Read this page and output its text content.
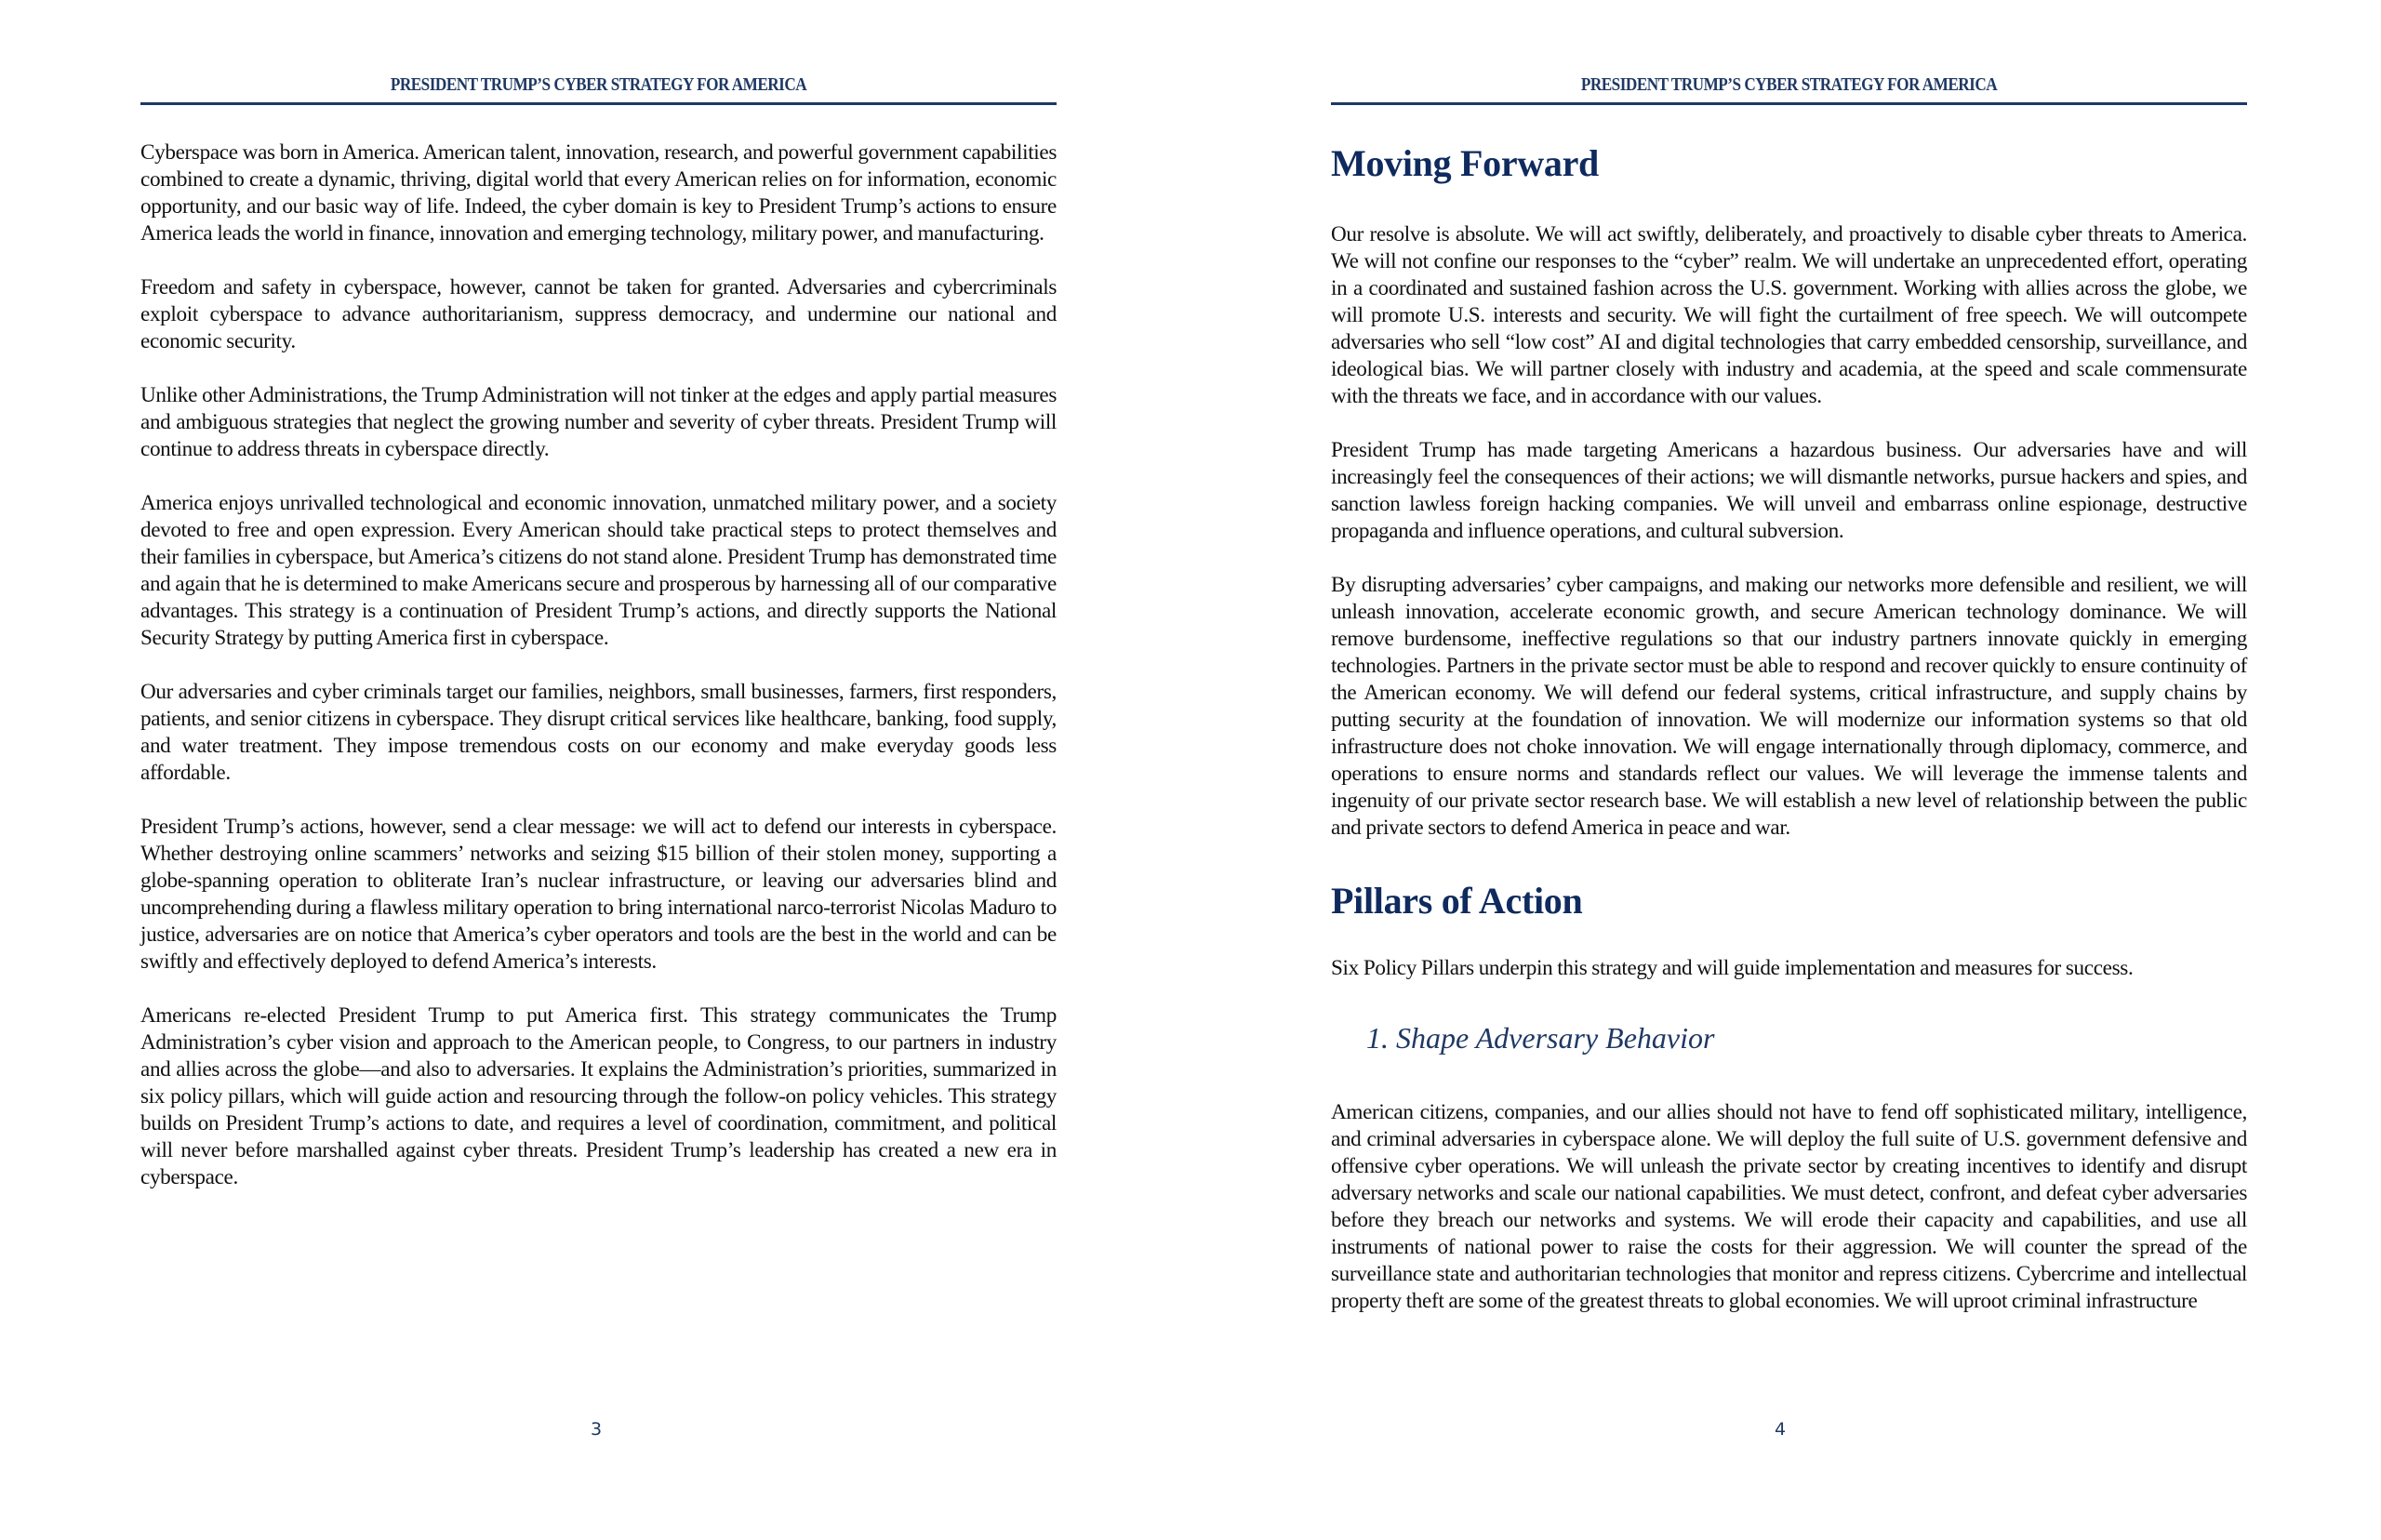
PRESIDENT TRUMP’S CYBER STRATEGY FOR AMERICA

Cyberspace was born in America. American talent, innovation, research, and powerful government capabilities combined to create a dynamic, thriving, digital world that every American relies on for information, economic opportunity, and our basic way of life. Indeed, the cyber domain is key to President Trump’s actions to ensure America leads the world in finance, innovation and emerging technology, military power, and manufacturing.

Freedom and safety in cyberspace, however, cannot be taken for granted. Adversaries and cybercriminals exploit cyberspace to advance authoritarianism, suppress democracy, and undermine our national and economic security.

Unlike other Administrations, the Trump Administration will not tinker at the edges and apply partial measures and ambiguous strategies that neglect the growing number and severity of cyber threats. President Trump will continue to address threats in cyberspace directly.

America enjoys unrivalled technological and economic innovation, unmatched military power, and a society devoted to free and open expression. Every American should take practical steps to protect themselves and their families in cyberspace, but America’s citizens do not stand alone. President Trump has demonstrated time and again that he is determined to make Americans secure and prosperous by harnessing all of our comparative advantages. This strategy is a continuation of President Trump’s actions, and directly supports the National Security Strategy by putting America first in cyberspace.

Our adversaries and cyber criminals target our families, neighbors, small businesses, farmers, first responders, patients, and senior citizens in cyberspace. They disrupt critical services like healthcare, banking, food supply, and water treatment. They impose tremendous costs on our economy and make everyday goods less affordable.

President Trump’s actions, however, send a clear message: we will act to defend our interests in cyberspace. Whether destroying online scammers’ networks and seizing $15 billion of their stolen money, supporting a globe-spanning operation to obliterate Iran’s nuclear infrastructure, or leaving our adversaries blind and uncomprehending during a flawless military operation to bring international narco-terrorist Nicolas Maduro to justice, adversaries are on notice that America’s cyber operators and tools are the best in the world and can be swiftly and effectively deployed to defend America’s interests.

Americans re-elected President Trump to put America first. This strategy communicates the Trump Administration’s cyber vision and approach to the American people, to Congress, to our partners in industry and allies across the globe—and also to adversaries. It explains the Administration’s priorities, summarized in six policy pillars, which will guide action and resourcing through the follow-on policy vehicles. This strategy builds on President Trump’s actions to date, and requires a level of coordination, commitment, and political will never before marshalled against cyber threats. President Trump’s leadership has created a new era in cyberspace.

3
PRESIDENT TRUMP’S CYBER STRATEGY FOR AMERICA
Moving Forward

Our resolve is absolute. We will act swiftly, deliberately, and proactively to disable cyber threats to America. We will not confine our responses to the “cyber” realm. We will undertake an unprecedented effort, operating in a coordinated and sustained fashion across the U.S. government. Working with allies across the globe, we will promote U.S. interests and security. We will fight the curtailment of free speech. We will outcompete adversaries who sell “low cost” AI and digital technologies that carry embedded censorship, surveillance, and ideological bias. We will partner closely with industry and academia, at the speed and scale commensurate with the threats we face, and in accordance with our values.

President Trump has made targeting Americans a hazardous business. Our adversaries have and will increasingly feel the consequences of their actions; we will dismantle networks, pursue hackers and spies, and sanction lawless foreign hacking companies. We will unveil and embarrass online espionage, destructive propaganda and influence operations, and cultural subversion.

By disrupting adversaries’ cyber campaigns, and making our networks more defensible and resilient, we will unleash innovation, accelerate economic growth, and secure American technology dominance. We will remove burdensome, ineffective regulations so that our industry partners innovate quickly in emerging technologies. Partners in the private sector must be able to respond and recover quickly to ensure continuity of the American economy. We will defend our federal systems, critical infrastructure, and supply chains by putting security at the foundation of innovation. We will modernize our information systems so that old infrastructure does not choke innovation. We will engage internationally through diplomacy, commerce, and operations to ensure norms and standards reflect our values. We will leverage the immense talents and ingenuity of our private sector research base. We will establish a new level of relationship between the public and private sectors to defend America in peace and war.

Pillars of Action

Six Policy Pillars underpin this strategy and will guide implementation and measures for success.

1. Shape Adversary Behavior

American citizens, companies, and our allies should not have to fend off sophisticated military, intelligence, and criminal adversaries in cyberspace alone. We will deploy the full suite of U.S. government defensive and offensive cyber operations. We will unleash the private sector by creating incentives to identify and disrupt adversary networks and scale our national capabilities. We must detect, confront, and defeat cyber adversaries before they breach our networks and systems. We will erode their capacity and capabilities, and use all instruments of national power to raise the costs for their aggression. We will counter the spread of the surveillance state and authoritarian technologies that monitor and repress citizens. Cybercrime and intellectual property theft are some of the greatest threats to global economies. We will uproot criminal infrastructure

4
